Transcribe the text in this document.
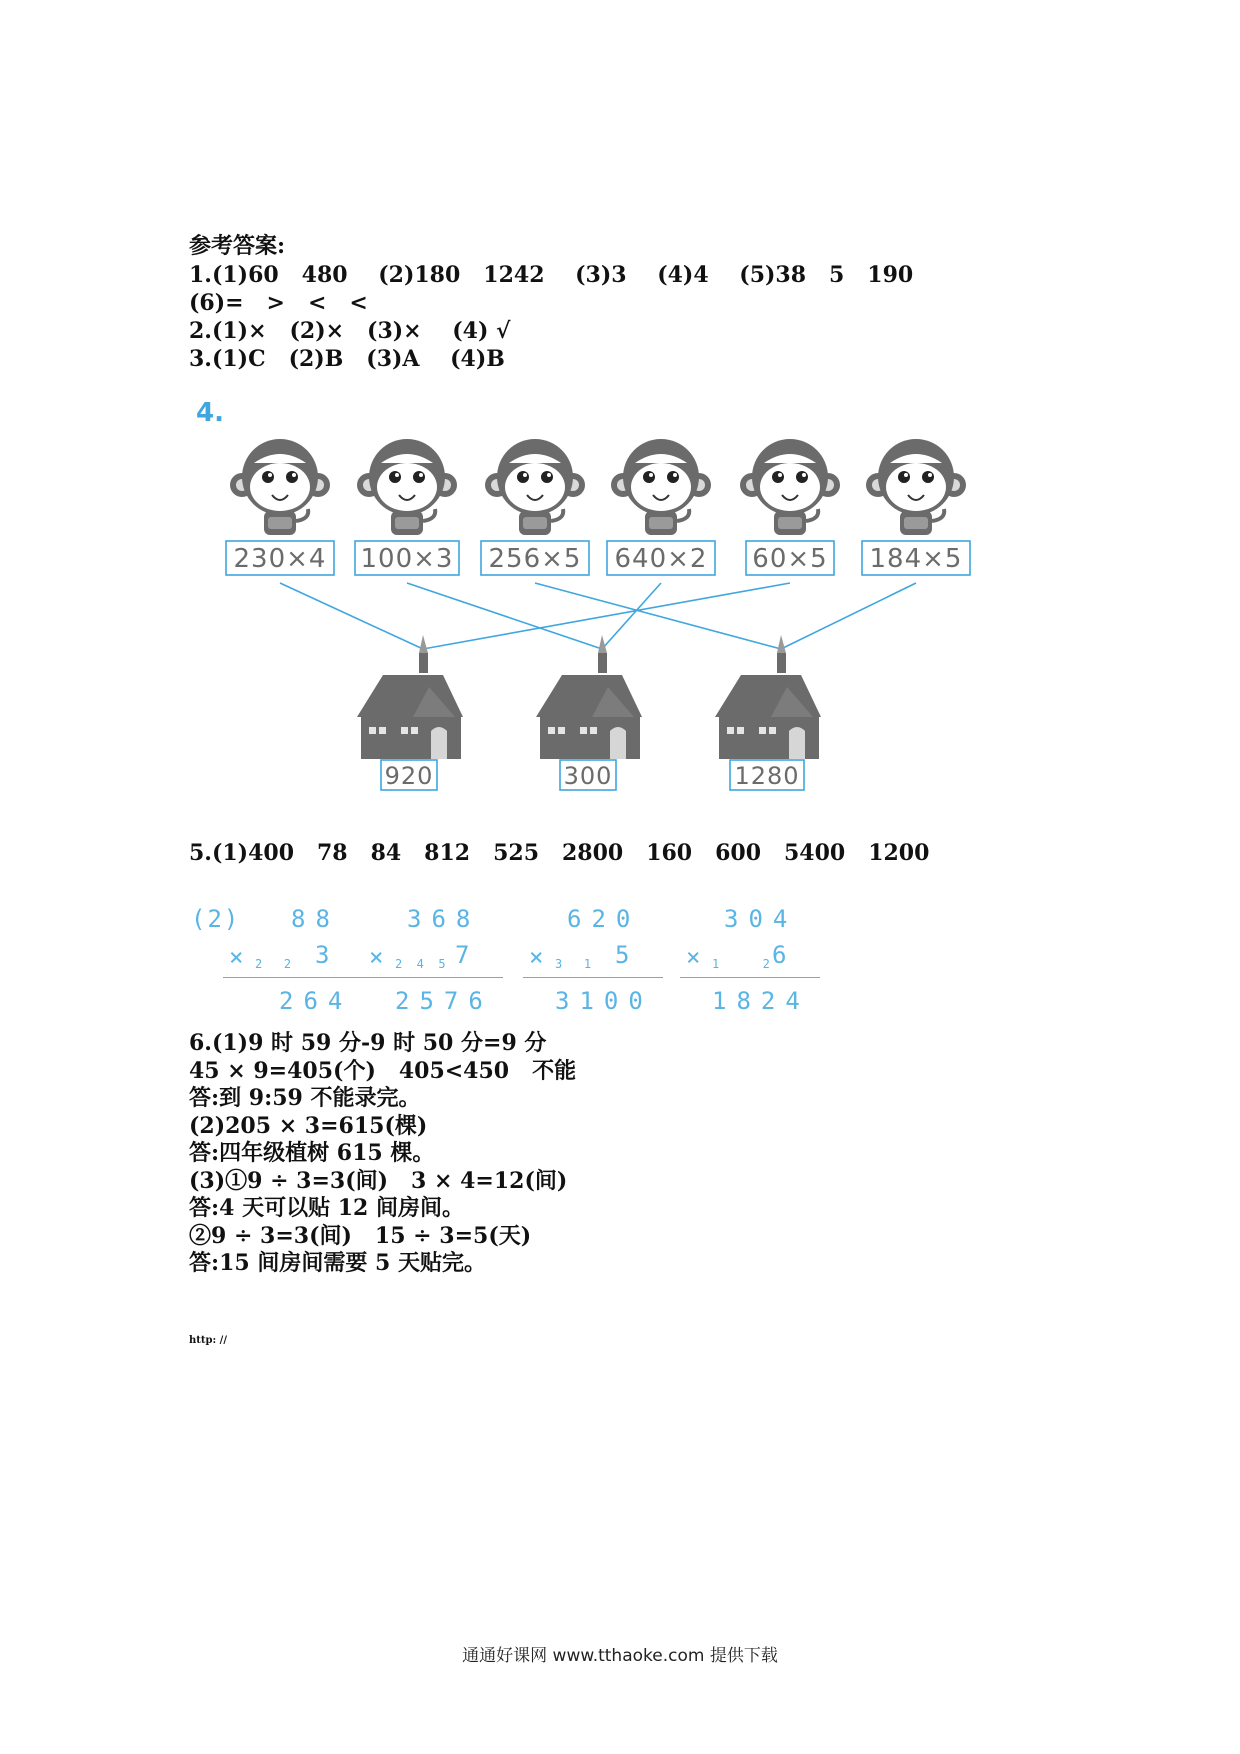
参考答案:

1.(1)60   480    (2)180   1242    (3)3    (4)4    (5)38   5   190

(6)=   >   <   <

2.(1)×   (2)×   (3)×    (4) √

3.(1)C   (2)B   (3)A    (4)B

4.
230×4 100×3 256×5 640×2 60×5 184×5
920	300	1280

5.(1)400   78   84   812   525   2800   160   600   5400   1200

(2) 88
× 2   2 3
264
368
× 2  4  5 7
2576
620
× 3   1 5
3100
304
× 1      2 6
1824

6.(1)9 时 59 分-9 时 50 分=9 分

45 × 9=405(个)   405<450   不能

答:到 9:59 不能录完。

(2)205 × 3=615(棵)

答:四年级植树 615 棵。

(3)①9 ÷ 3=3(间)   3 × 4=12(间)

答:4 天可以贴 12 间房间。

②9 ÷ 3=3(间)   15 ÷ 3=5(天)

答:15 间房间需要 5 天贴完。

http: //
通通好课网 www.tthaoke.com 提供下载
